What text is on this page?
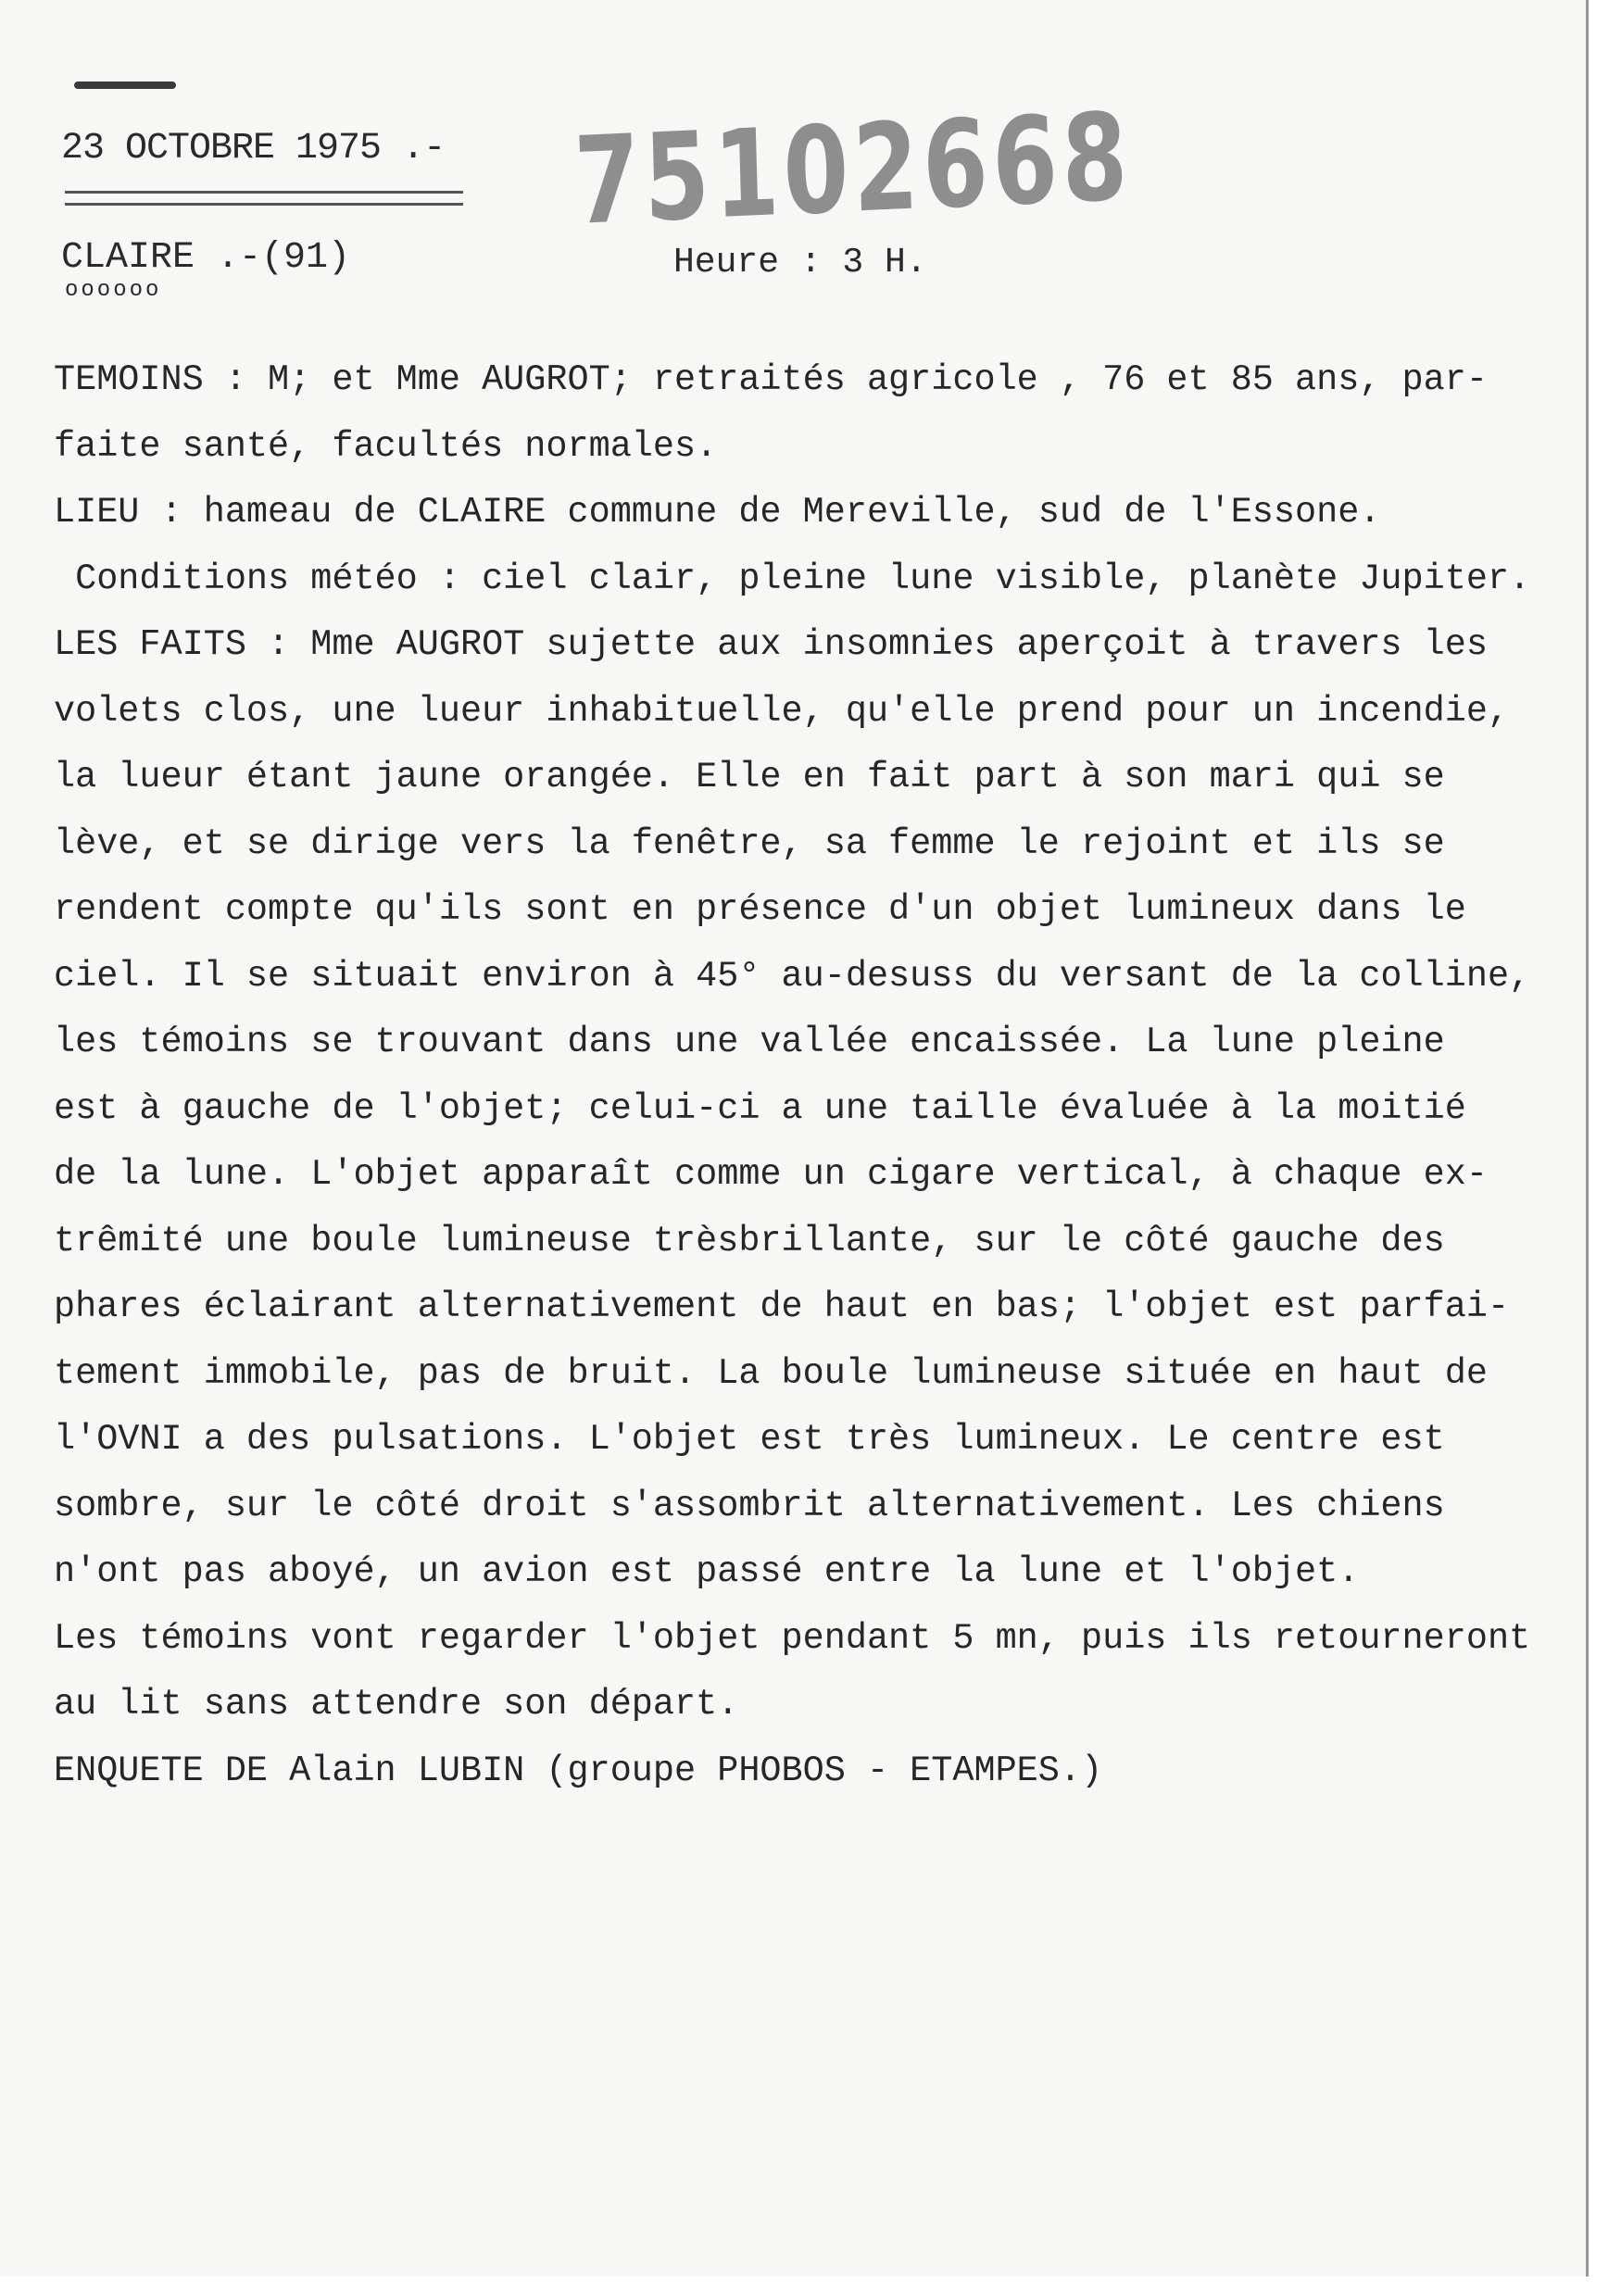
23 OCTOBRE 1975 .- 75102668
CLAIRE .-(91)
oooooo
Heure : 3 H.
TEMOINS : M; et Mme AUGROT; retraités agricole , 76 et 85 ans, par-
faite santé, facultés normales.
LIEU : hameau de CLAIRE commune de Mereville, sud de l'Essone.
Conditions météo : ciel clair, pleine lune visible, planète Jupiter.
LES FAITS : Mme AUGROT sujette aux insomnies aperçoit à travers les
volets clos, une lueur inhabituelle, qu'elle prend pour un incendie,
la lueur étant jaune orangée. Elle en fait part à son mari qui se
lève, et se dirige vers la fenêtre, sa femme le rejoint et ils se
rendent compte qu'ils sont en présence d'un objet lumineux dans le
ciel. Il se situait environ à 45° au-desuss du versant de la colline,
les témoins se trouvant dans une vallée encaissée. La lune pleine
est à gauche de l'objet; celui-ci a une taille évaluée à la moitié
de la lune. L'objet apparaît comme un cigare vertical, à chaque ex-
trêmité une boule lumineuse trèsbrillante, sur le côté gauche des
phares éclairant alternativement de haut en bas; l'objet est parfai-
tement immobile, pas de bruit. La boule lumineuse située en haut de
l'OVNI a des pulsations. L'objet est très lumineux. Le centre est
sombre, sur le côté droit s'assombrit alternativement. Les chiens
n'ont pas aboyé, un avion est passé entre la lune et l'objet.
Les témoins vont regarder l'objet pendant 5 mn, puis ils retourneront
au lit sans attendre son départ.
ENQUETE DE Alain LUBIN (groupe PHOBOS - ETAMPES.)
